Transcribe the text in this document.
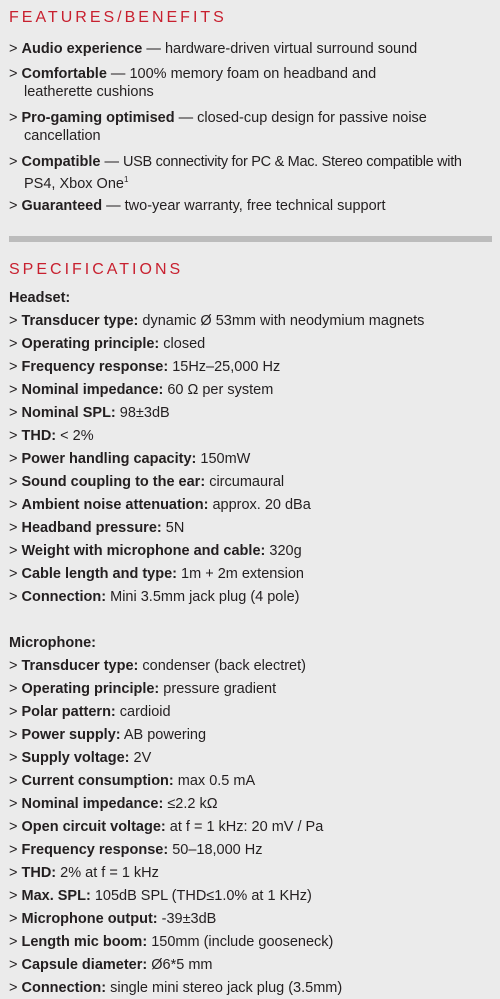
FEATURES/BENEFITS
> Audio experience — hardware-driven virtual surround sound
> Comfortable — 100% memory foam on headband and
leatherette cushions
> Pro-gaming optimised — closed-cup design for passive noise
cancellation
> Compatible — USB connectivity for PC & Mac. Stereo compatible with
PS4, Xbox One$^1$
> Guaranteed — two-year warranty, free technical support
SPECIFICATIONS
Headset:
> Transducer type: dynamic Ø 53mm with neodymium magnets
> Operating principle: closed
> Frequency response: 15Hz–25,000 Hz
> Nominal impedance: 60 Ω per system
> Nominal SPL: 98±3dB
> THD: < 2%
> Power handling capacity: 150mW
> Sound coupling to the ear: circumaural
> Ambient noise attenuation: approx. 20 dBa
> Headband pressure: 5N
> Weight with microphone and cable: 320g
> Cable length and type: 1m + 2m extension
> Connection: Mini 3.5mm jack plug (4 pole)
Microphone:
> Transducer type: condenser (back electret)
> Operating principle: pressure gradient
> Polar pattern: cardioid
> Power supply: AB powering
> Supply voltage: 2V
> Current consumption: max 0.5 mA
> Nominal impedance: ≤2.2 kΩ
> Open circuit voltage: at f = 1 kHz: 20 mV / Pa
> Frequency response: 50–18,000 Hz
> THD: 2% at f = 1 kHz
> Max. SPL: 105dB SPL (THD≤1.0% at 1 KHz)
> Microphone output: -39±3dB
> Length mic boom: 150mm (include gooseneck)
> Capsule diameter: Ø6*5 mm
> Connection: single mini stereo jack plug (3.5mm)
